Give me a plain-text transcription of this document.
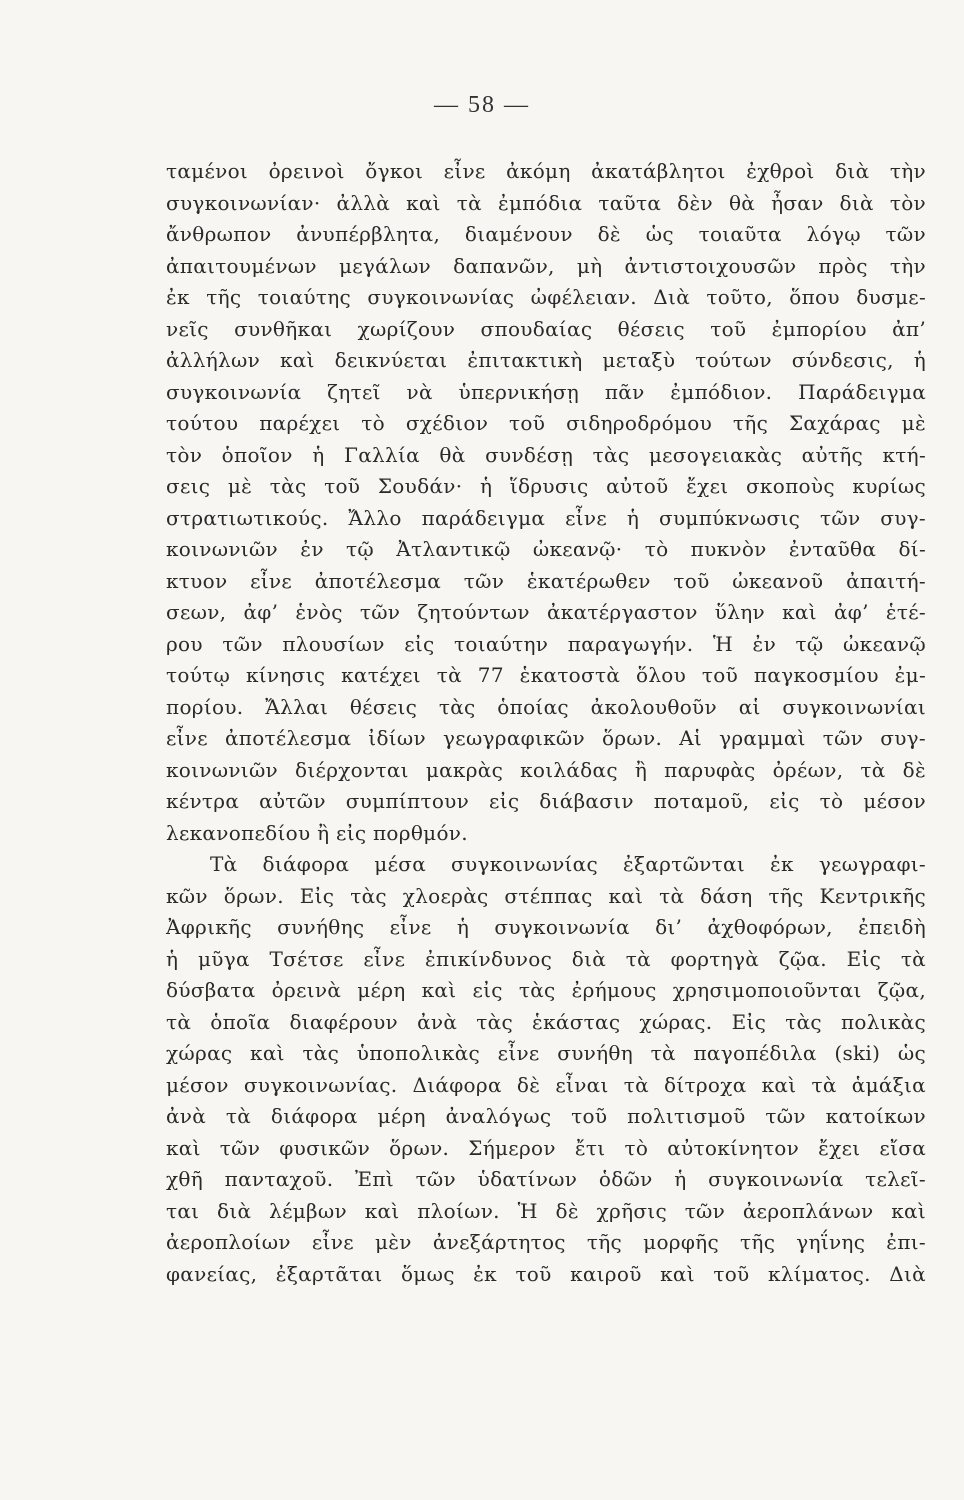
— 58 —
ταμένοι ὀρεινοὶ ὄγκοι εἶνε ἀκόμη ἀκατάβλητοι ἐχθροὶ διὰ τὴν
συγκοινωνίαν· ἀλλὰ καὶ τὰ ἐμπόδια ταῦτα δὲν θὰ ἦσαν διὰ τὸν
ἄνθρωπον ἀνυπέρβλητα, διαμένουν δὲ ὡς τοιαῦτα λόγῳ τῶν
ἀπαιτουμένων μεγάλων δαπανῶν, μὴ ἀντιστοιχουσῶν πρὸς τὴν
ἐκ τῆς τοιαύτης συγκοινωνίας ὠφέλειαν. Διὰ τοῦτο, ὅπου δυσμε-
νεῖς συνθῆκαι χωρίζουν σπουδαίας θέσεις τοῦ ἐμπορίου ἀπ’
ἀλλήλων καὶ δεικνύεται ἐπιτακτικὴ μεταξὺ τούτων σύνδεσις, ἡ
συγκοινωνία ζητεῖ νὰ ὑπερνικήσῃ πᾶν ἐμπόδιον. Παράδειγμα
τούτου παρέχει τὸ σχέδιον τοῦ σιδηροδρόμου τῆς Σαχάρας μὲ
τὸν ὁποῖον ἡ Γαλλία θὰ συνδέσῃ τὰς μεσογειακὰς αὐτῆς κτή-
σεις μὲ τὰς τοῦ Σουδάν· ἡ ἵδρυσις αὐτοῦ ἔχει σκοποὺς κυρίως
στρατιωτικούς. Ἄλλο παράδειγμα εἶνε ἡ συμπύκνωσις τῶν συγ-
κοινωνιῶν ἐν τῷ Ἀτλαντικῷ ὠκεανῷ· τὸ πυκνὸν ἐνταῦθα δί-
κτυον εἶνε ἀποτέλεσμα τῶν ἑκατέρωθεν τοῦ ὠκεανοῦ ἀπαιτή-
σεων, ἀφ’ ἑνὸς τῶν ζητούντων ἀκατέργαστον ὕλην καὶ ἀφ’ ἑτέ-
ρου τῶν πλουσίων εἰς τοιαύτην παραγωγήν. Ἡ ἐν τῷ ὠκεανῷ
τούτῳ κίνησις κατέχει τὰ 77 ἑκατοστὰ ὅλου τοῦ παγκοσμίου ἐμ-
πορίου. Ἄλλαι θέσεις τὰς ὁποίας ἀκολουθοῦν αἱ συγκοινωνίαι
εἶνε ἀποτέλεσμα ἰδίων γεωγραφικῶν ὅρων. Αἱ γραμμαὶ τῶν συγ-
κοινωνιῶν διέρχονται μακρὰς κοιλάδας ἢ παρυφὰς ὀρέων, τὰ δὲ
κέντρα αὐτῶν συμπίπτουν εἰς διάβασιν ποταμοῦ, εἰς τὸ μέσον
λεκανοπεδίου ἢ εἰς πορθμόν.
Τὰ διάφορα μέσα συγκοινωνίας ἐξαρτῶνται ἐκ γεωγραφι-
κῶν ὅρων. Εἰς τὰς χλοερὰς στέππας καὶ τὰ δάση τῆς Κεντρικῆς
Ἀφρικῆς συνήθης εἶνε ἡ συγκοινωνία δι’ ἀχθοφόρων, ἐπειδὴ
ἡ μῦγα Τσέτσε εἶνε ἐπικίνδυνος διὰ τὰ φορτηγὰ ζῷα. Εἰς τὰ
δύσβατα ὀρεινὰ μέρη καὶ εἰς τὰς ἐρήμους χρησιμοποιοῦνται ζῷα,
τὰ ὁποῖα διαφέρουν ἀνὰ τὰς ἑκάστας χώρας. Εἰς τὰς πολικὰς
χώρας καὶ τὰς ὑποπολικὰς εἶνε συνήθη τὰ παγοπέδιλα (ski) ὡς
μέσον συγκοινωνίας. Διάφορα δὲ εἶναι τὰ δίτροχα καὶ τὰ ἁμάξια
ἀνὰ τὰ διάφορα μέρη ἀναλόγως τοῦ πολιτισμοῦ τῶν κατοίκων
καὶ τῶν φυσικῶν ὅρων. Σήμερον ἔτι τὸ αὐτοκίνητον ἔχει εἴσα
χθῆ πανταχοῦ. Ἐπὶ τῶν ὑδατίνων ὁδῶν ἡ συγκοινωνία τελεῖ-
ται διὰ λέμβων καὶ πλοίων. Ἡ δὲ χρῆσις τῶν ἀεροπλάνων καὶ
ἀεροπλοίων εἶνε μὲν ἀνεξάρτητος τῆς μορφῆς τῆς γηΐνης ἐπι-
φανείας, ἐξαρτᾶται ὅμως ἐκ τοῦ καιροῦ καὶ τοῦ κλίματος. Διὰ
